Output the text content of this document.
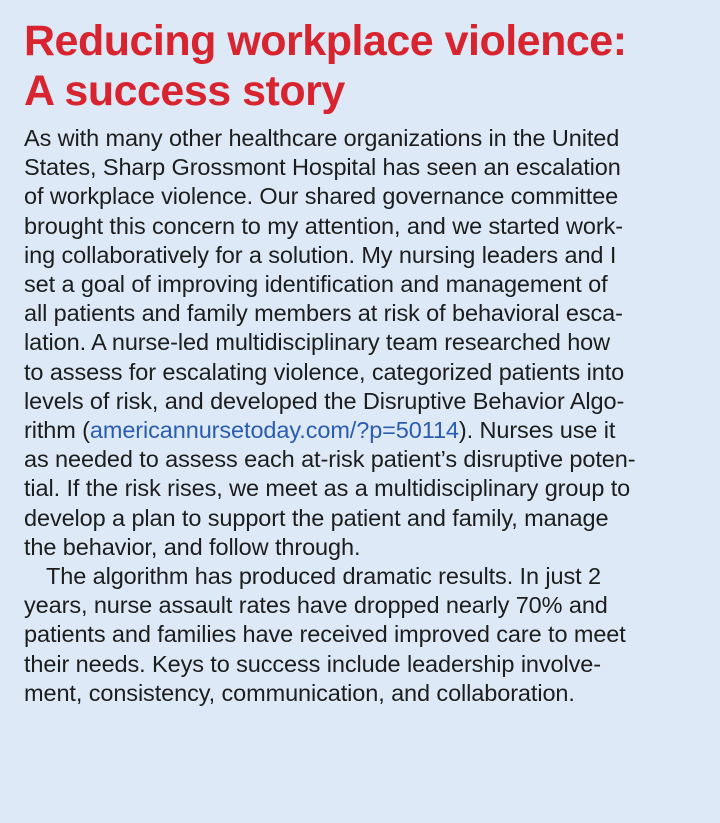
Reducing workplace violence:
A success story
As with many other healthcare organizations in the United
States, Sharp Grossmont Hospital has seen an escalation
of workplace violence. Our shared governance committee
brought this concern to my attention, and we started work-
ing collaboratively for a solution. My nursing leaders and I
set a goal of improving identification and management of
all patients and family members at risk of behavioral esca-
lation. A nurse-led multidisciplinary team researched how
to assess for escalating violence, categorized patients into
levels of risk, and developed the Disruptive Behavior Algo-
rithm (americannursetoday.com/?p=50114). Nurses use it
as needed to assess each at-risk patient’s disruptive poten-
tial. If the risk rises, we meet as a multidisciplinary group to
develop a plan to support the patient and family, manage
the behavior, and follow through.
The algorithm has produced dramatic results. In just 2
years, nurse assault rates have dropped nearly 70% and
patients and families have received improved care to meet
their needs. Keys to success include leadership involve-
ment, consistency, communication, and collaboration.
